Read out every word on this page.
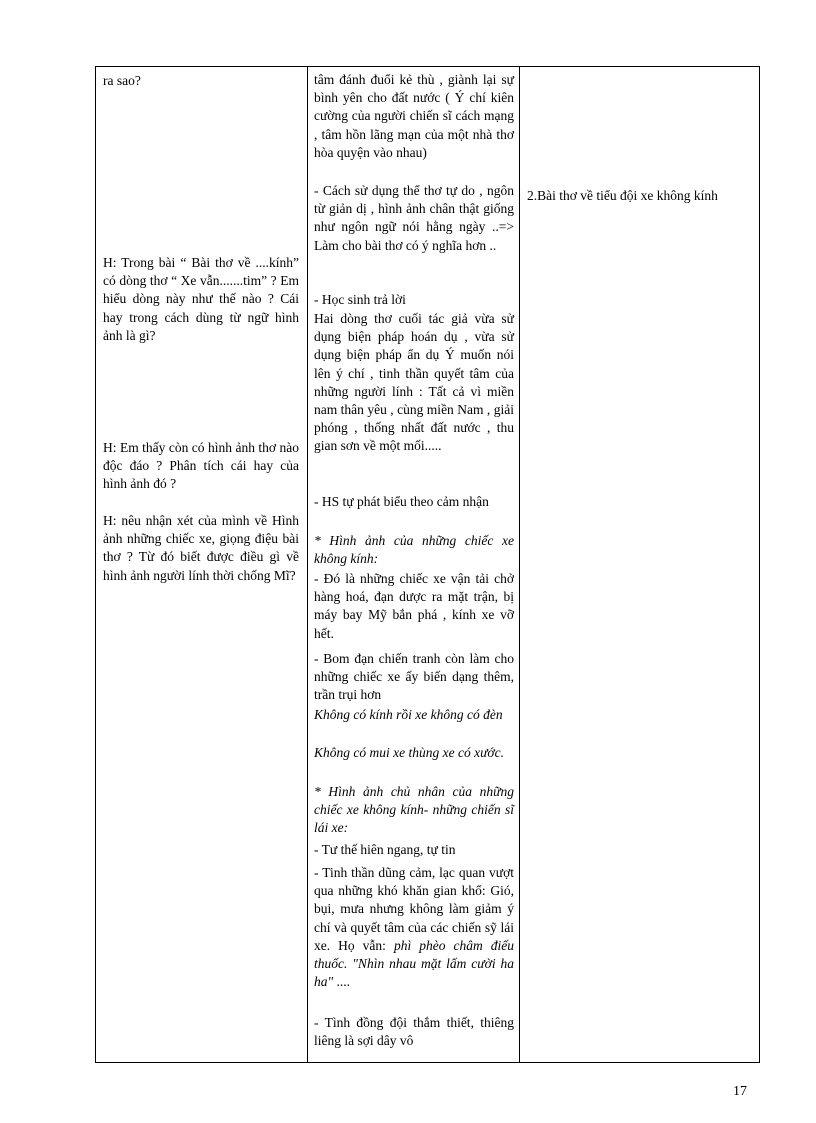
ra sao?
H: Trong bài “ Bài thơ về ....kính” có dòng thơ “ Xe vẫn.......tim” ? Em hiểu dòng này như thế nào ? Cái hay trong cách dùng từ ngữ hình ảnh là gì?
H: Em thấy còn có hình ảnh thơ nào độc đáo ? Phân tích cái hay của hình ảnh đó ?
H: nêu nhận xét của mình về Hình ảnh những chiếc xe, giọng điệu bài thơ ? Từ đó biết được điều gì về hình ảnh người lính thời chống Mĩ?
tâm đánh đuổi kẻ thù , giành lại sự bình yên cho đất nước ( Ý chí kiên cường của người chiến sĩ cách mạng , tâm hồn lãng mạn của một nhà thơ hòa quyện vào nhau)
- Cách sử dụng thể thơ tự do , ngôn từ giản dị , hình ảnh chân thật giống như ngôn ngữ nói hằng ngày ..=> Làm cho bài thơ có ý nghĩa hơn ..
- Học sinh trả lời
Hai dòng thơ cuối tác giả vừa sử dụng biện pháp hoán dụ , vừa sử dụng biện pháp ẩn dụ Ý muốn nói lên ý chí , tinh thần quyết tâm của những người lính : Tất cả vì miền nam thân yêu , cùng miền Nam , giải phóng , thống nhất đất nước , thu gian sơn về một mối.....
- HS tự phát biểu theo cảm nhận
* Hình ảnh của những chiếc xe không kính:
- Đó là những chiếc xe vận tải chở hàng hoá, đạn dược ra mặt trận, bị máy bay Mỹ bắn phá , kính xe vỡ hết.
- Bom đạn chiến tranh còn làm cho những chiếc xe ấy biến dạng thêm, trần trụi hơn
Không có kính rồi xe không có đèn
Không có mui xe thùng xe có xước.
* Hình ảnh chủ nhân của những chiếc xe không kính- những chiến sĩ lái xe:
- Tư thế hiên ngang, tự tin
- Tinh thần dũng cảm, lạc quan vượt qua những khó khăn gian khổ: Gió, bụi, mưa nhưng không làm giảm ý chí và quyết tâm của các chiến sỹ lái xe. Họ vẫn: phì phèo châm điếu thuốc. "Nhìn nhau mặt lấm cười ha ha" ....
- Tình đồng đội thắm thiết, thiêng liêng là sợi dây vô
2.Bài thơ về tiểu đội xe không kính
17
